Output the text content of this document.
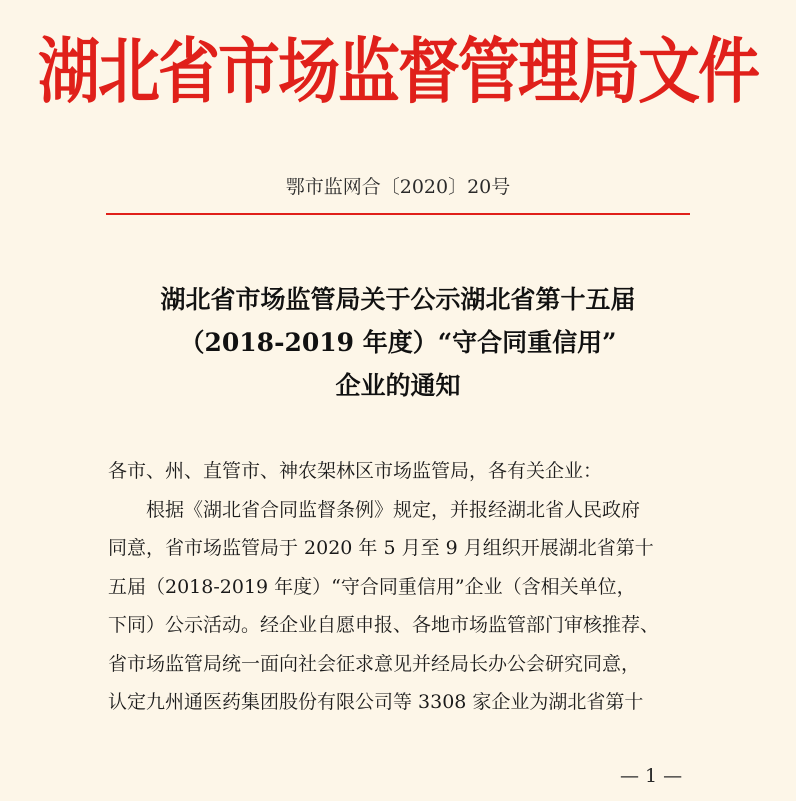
湖北省市场监督管理局文件
鄂市监网合〔2020〕20号
湖北省市场监管局关于公示湖北省第十五届
（2018-2019 年度）“守合同重信用”
企业的通知

各市、州、直管市、神农架林区市场监管局，各有关企业：

根据《湖北省合同监督条例》规定，并报经湖北省人民政府

同意，省市场监管局于 2020 年 5 月至 9 月组织开展湖北省第十

五届（2018-2019 年度）“守合同重信用”企业（含相关单位，

下同）公示活动。经企业自愿申报、各地市场监管部门审核推荐、

省市场监管局统一面向社会征求意见并经局长办公会研究同意，

认定九州通医药集团股份有限公司等 3308 家企业为湖北省第十

— 1 —
